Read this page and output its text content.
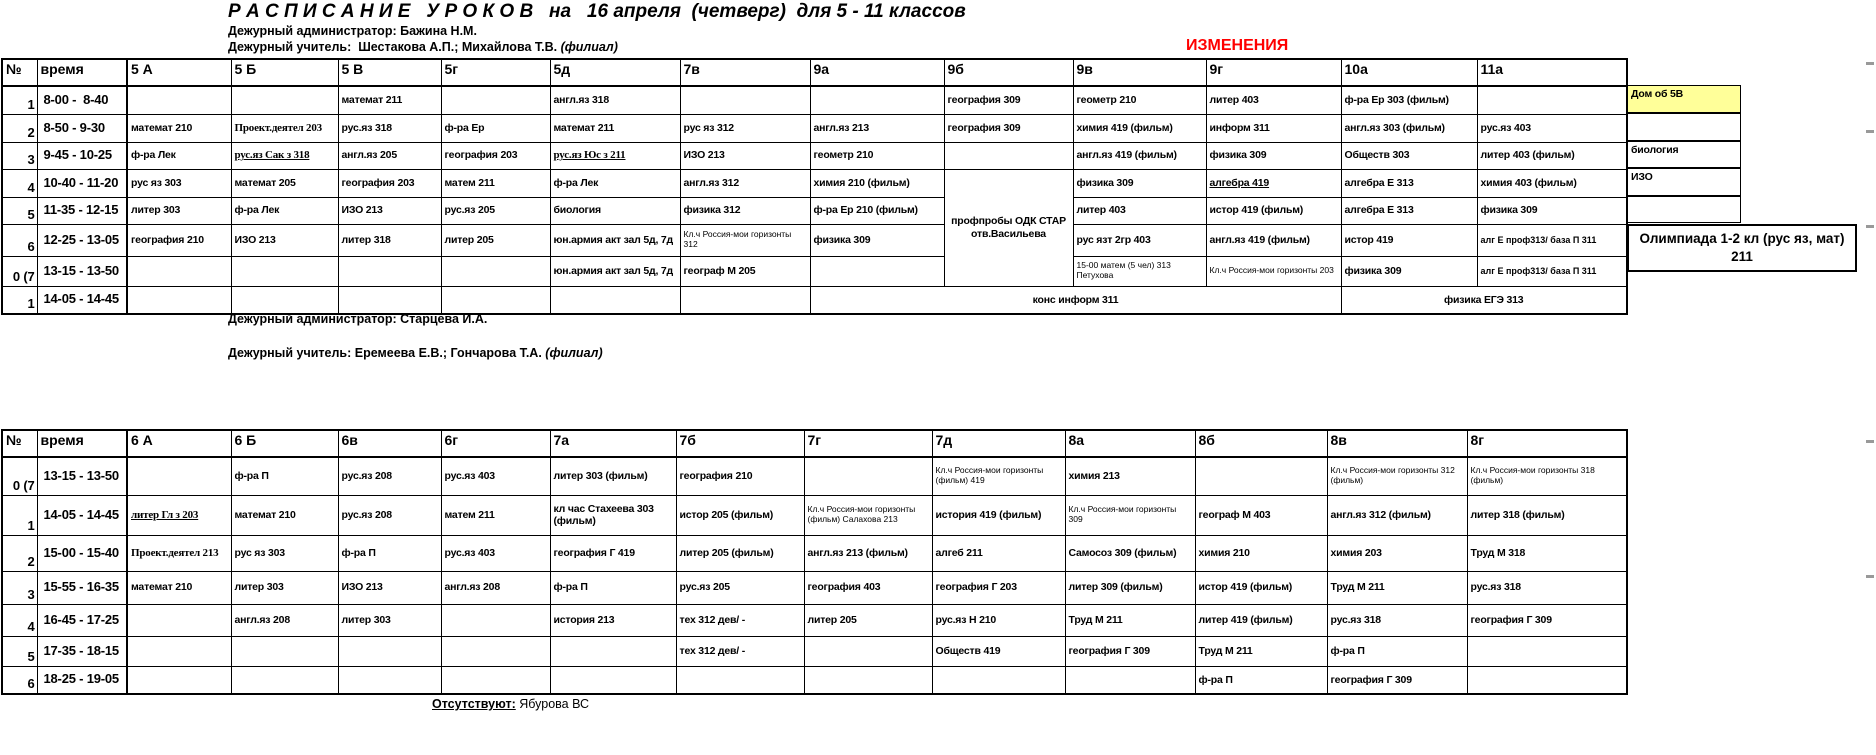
Р А С П И С А Н И Е   У Р О К О В   на   16 апреля  (четверг)  для 5 - 11 классов
Дежурный администратор: Бажина Н.М.
Дежурный учитель:  Шестакова А.П.; Михайлова Т.В. (филиал)	ИЗМЕНЕНИЯ
№	время	5 А	5 Б	5 В	5г	5д	7в	9а	9б	9в	9г	10а	11а
1	8-00 -  8-40			математ 211		англ.яз 318			география 309	геометр 210	литер 403	ф-ра Ер 303 (фильм)	
2	8-50 - 9-30	математ 210	Проект.деятел 203	рус.яз 318	ф-ра Ер	математ 211	рус яз 312	англ.яз 213	география 309	химия 419 (фильм)	информ 311	англ.яз 303 (фильм)	рус.яз 403
3	9-45 - 10-25	ф-ра Лек	рус.яз Сак з 318	англ.яз 205	география 203	рус.яз Юс з 211	ИЗО 213	геометр 210		англ.яз 419 (фильм)	физика 309	Обществ 303	литер 403 (фильм)
4	10-40 - 11-20	рус яз 303	математ 205	география 203	матем 211	ф-ра Лек	англ.яз 312	химия 210 (фильм)	профпробы ОДК СТАР отв.Васильева	физика 309	алгебра 419	алгебра Е 313	химия 403 (фильм)
5	11-35 - 12-15	литер 303	ф-ра Лек	ИЗО 213	рус.яз 205	биология	физика 312	ф-ра Ер 210 (фильм)		литер 403	истор 419 (фильм)	алгебра Е 313	физика 309
6	12-25 - 13-05	география 210	ИЗО 213	литер 318	литер 205	юн.армия акт зал 5д, 7д	Кл.ч Россия-мои горизонты 312	физика 309		рус язт 2гр 403	англ.яз 419 (фильм)	истор 419	алг Е проф313/ база П 311
0 (7	13-15 - 13-50					юн.армия акт зал 5д, 7д	географ М 205			15-00 матем (5 чел) 313 Петухова	Кл.ч Россия-мои горизонты 203	физика 309	алг Е проф313/ база П 311
1	14-05 - 14-45							конс информ 311				физика ЕГЭ 313	
Дежурный администратор: Старцева И.А.
Дежурный учитель: Еремеева Е.В.; Гончарова Т.А. (филиал)
№	время	6 А	6 Б	6в	6г	7а	7б	7г	7д	8а	8б	8в	8г
0 (7	13-15 - 13-50		ф-ра П	рус.яз 208	рус.яз 403	литер 303 (фильм)	география 210		Кл.ч Россия-мои горизонты (фильм) 419	химия 213		Кл.ч Россия-мои горизонты 312 (фильм)	Кл.ч Россия-мои горизонты 318 (фильм)
1	14-05 - 14-45	литер Гл з 203	математ 210	рус.яз 208	матем 211	кл час Стахеева 303 (фильм)	истор 205 (фильм)	Кл.ч Россия-мои горизонты (фильм) Салахова 213	история 419 (фильм)	Кл.ч Россия-мои горизонты 309	географ М 403	англ.яз 312 (фильм)	литер 318 (фильм)
2	15-00 - 15-40	Проект.деятел 213	рус яз 303	ф-ра П	рус.яз 403	география Г 419	литер 205 (фильм)	англ.яз 213 (фильм)	алгеб 211	Самосоз 309 (фильм)	химия 210	химия 203	Труд М 318
3	15-55 - 16-35	математ 210	литер 303	ИЗО 213	англ.яз 208	ф-ра П	рус.яз 205	география 403	география Г 203	литер 309 (фильм)	истор 419 (фильм)	Труд М 211	рус.яз 318
4	16-45 - 17-25		англ.яз 208	литер 303		история 213	тех 312 дев/ -	литер 205	рус.яз Н 210	Труд М 211	литер 419 (фильм)	рус.яз 318	география Г 309
5	17-35 - 18-15						тех 312 дев/ -		Обществ 419	география Г 309	Труд М 211	ф-ра П	
6	18-25 - 19-05										ф-ра П	география Г 309	
Дом об 5В
биология
ИЗО
Олимпиада 1-2 кл (рус яз, мат)
211
Отсутствуют: Ябурова ВС
